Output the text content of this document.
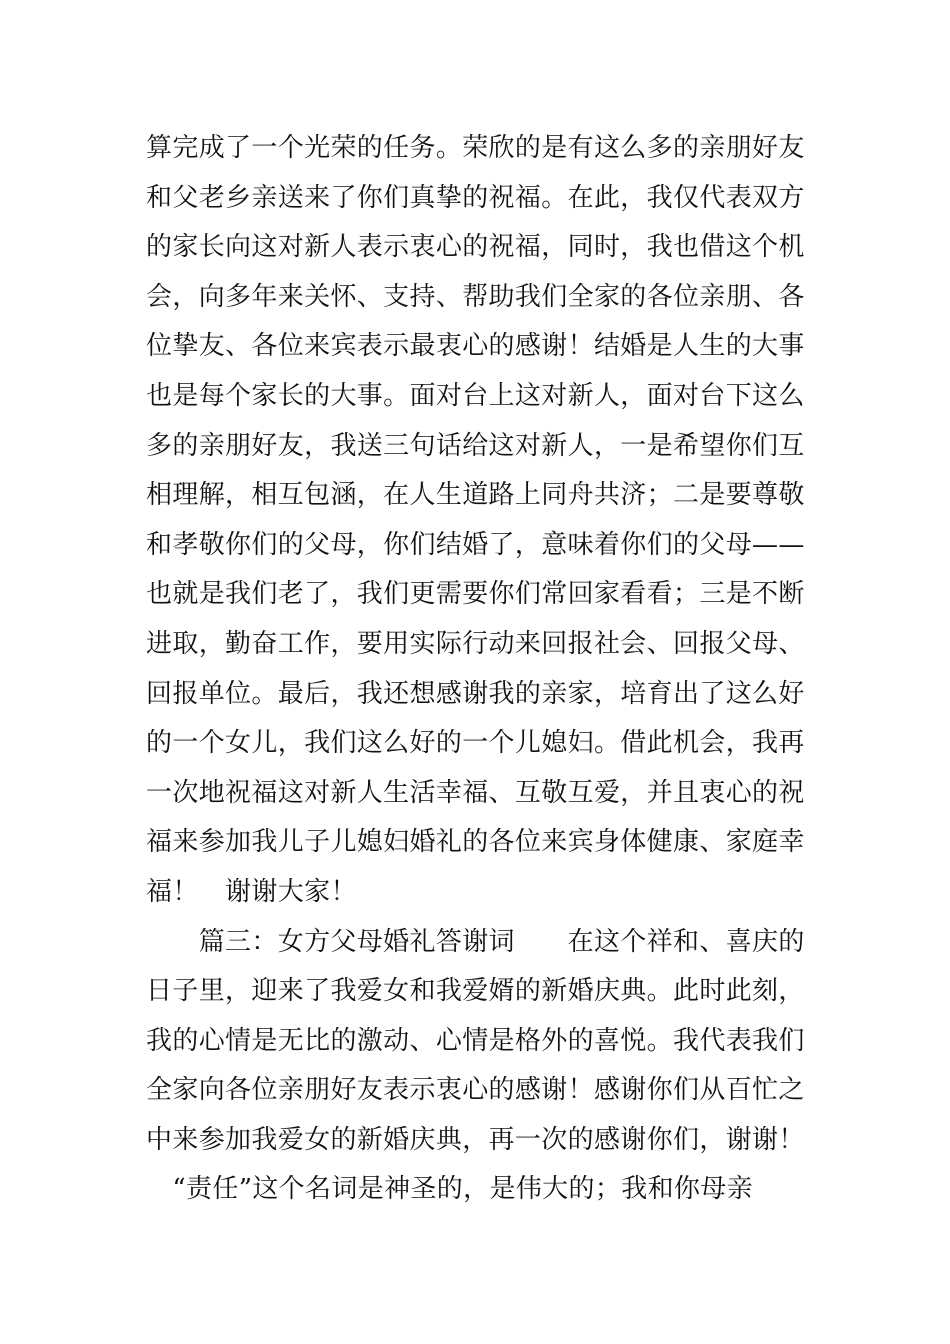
算完成了一个光荣的任务。荣欣的是有这么多的亲朋好友
和父老乡亲送来了你们真挚的祝福。在此，我仅代表双方
的家长向这对新人表示衷心的祝福，同时，我也借这个机
会，向多年来关怀、支持、帮助我们全家的各位亲朋、各
位挚友、各位来宾表示最衷心的感谢！结婚是人生的大事
也是每个家长的大事。面对台上这对新人，面对台下这么
多的亲朋好友，我送三句话给这对新人，一是希望你们互
相理解，相互包涵，在人生道路上同舟共济；二是要尊敬
和孝敬你们的父母，你们结婚了，意味着你们的父母——
也就是我们老了，我们更需要你们常回家看看；三是不断
进取，勤奋工作，要用实际行动来回报社会、回报父母、
回报单位。最后，我还想感谢我的亲家，培育出了这么好
的一个女儿，我们这么好的一个儿媳妇。借此机会，我再
一次地祝福这对新人生活幸福、互敬互爱，并且衷心的祝
福来参加我儿子儿媳妇婚礼的各位来宾身体健康、家庭幸
福！　谢谢大家！
　　篇三：女方父母婚礼答谢词　　在这个祥和、喜庆的
日子里，迎来了我爱女和我爱婿的新婚庆典。此时此刻，
我的心情是无比的激动、心情是格外的喜悦。我代表我们
全家向各位亲朋好友表示衷心的感谢！感谢你们从百忙之
中来参加我爱女的新婚庆典，再一次的感谢你们，谢谢！
　“责任”这个名词是神圣的，是伟大的；我和你母亲
